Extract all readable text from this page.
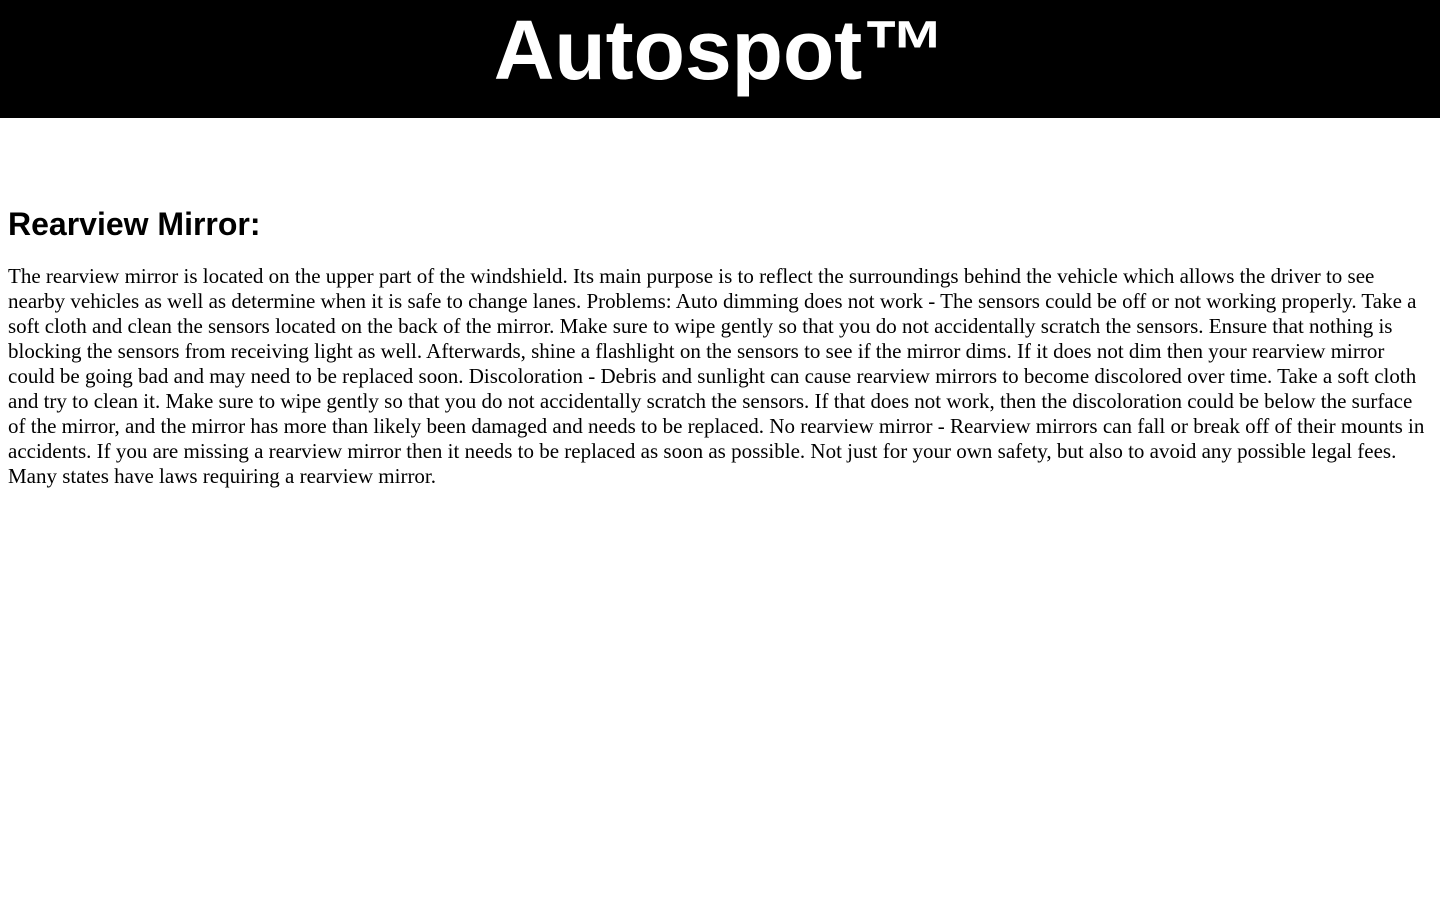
Autospot™
Rearview Mirror:

The rearview mirror is located on the upper part of the windshield. Its main purpose is to reflect the surroundings behind the vehicle which allows the driver to see nearby vehicles as well as determine when it is safe to change lanes. Problems: Auto dimming does not work - The sensors could be off or not working properly. Take a soft cloth and clean the sensors located on the back of the mirror. Make sure to wipe gently so that you do not accidentally scratch the sensors. Ensure that nothing is blocking the sensors from receiving light as well. Afterwards, shine a flashlight on the sensors to see if the mirror dims. If it does not dim then your rearview mirror could be going bad and may need to be replaced soon. Discoloration - Debris and sunlight can cause rearview mirrors to become discolored over time. Take a soft cloth and try to clean it. Make sure to wipe gently so that you do not accidentally scratch the sensors. If that does not work, then the discoloration could be below the surface of the mirror, and the mirror has more than likely been damaged and needs to be replaced. No rearview mirror - Rearview mirrors can fall or break off of their mounts in accidents. If you are missing a rearview mirror then it needs to be replaced as soon as possible. Not just for your own safety, but also to avoid any possible legal fees. Many states have laws requiring a rearview mirror.
